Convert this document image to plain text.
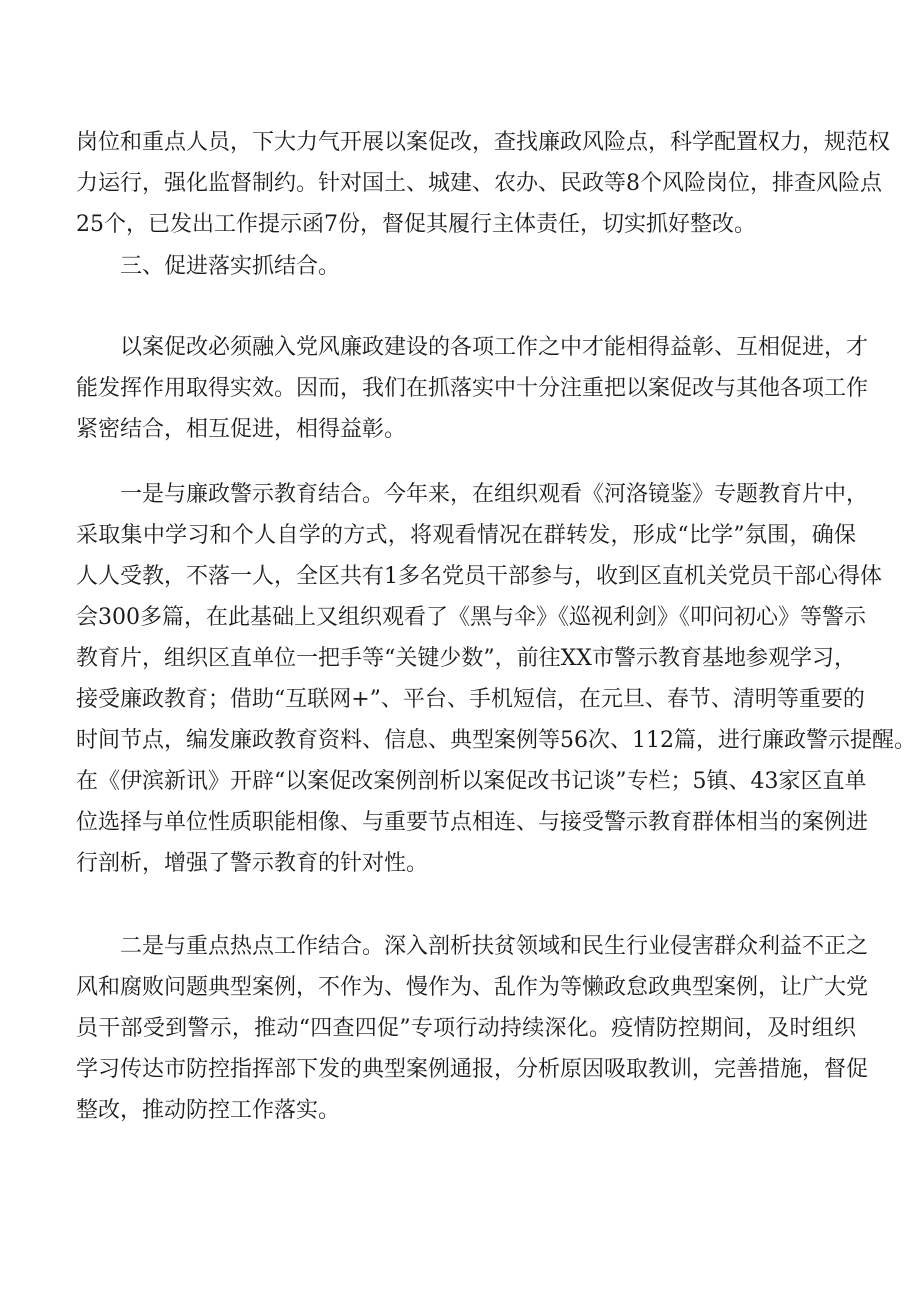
岗位和重点人员，下大力气开展以案促改，查找廉政风险点，科学配置权力，规范权
力运行，强化监督制约。针对国土、城建、农办、民政等8个风险岗位，排查风险点
25个，已发出工作提示函7份，督促其履行主体责任，切实抓好整改。
三、促进落实抓结合。
以案促改必须融入党风廉政建设的各项工作之中才能相得益彰、互相促进，才
能发挥作用取得实效。因而，我们在抓落实中十分注重把以案促改与其他各项工作
紧密结合，相互促进，相得益彰。
一是与廉政警示教育结合。今年来，在组织观看《河洛镜鉴》专题教育片中，
采取集中学习和个人自学的方式，将观看情况在群转发，形成“比学”氛围，确保
人人受教，不落一人，全区共有1多名党员干部参与，收到区直机关党员干部心得体
会300多篇，在此基础上又组织观看了《黑与伞》《巡视利剑》《叩问初心》等警示
教育片，组织区直单位一把手等“关键少数”，前往XX市警示教育基地参观学习，
接受廉政教育；借助“互联网+”、平台、手机短信，在元旦、春节、清明等重要的
时间节点，编发廉政教育资料、信息、典型案例等56次、112篇，进行廉政警示提醒。
在《伊滨新讯》开辟“以案促改案例剖析以案促改书记谈”专栏；5镇、43家区直单
位选择与单位性质职能相像、与重要节点相连、与接受警示教育群体相当的案例进
行剖析，增强了警示教育的针对性。
二是与重点热点工作结合。深入剖析扶贫领域和民生行业侵害群众利益不正之
风和腐败问题典型案例，不作为、慢作为、乱作为等懒政怠政典型案例，让广大党
员干部受到警示，推动“四查四促”专项行动持续深化。疫情防控期间，及时组织
学习传达市防控指挥部下发的典型案例通报，分析原因吸取教训，完善措施，督促
整改，推动防控工作落实。
